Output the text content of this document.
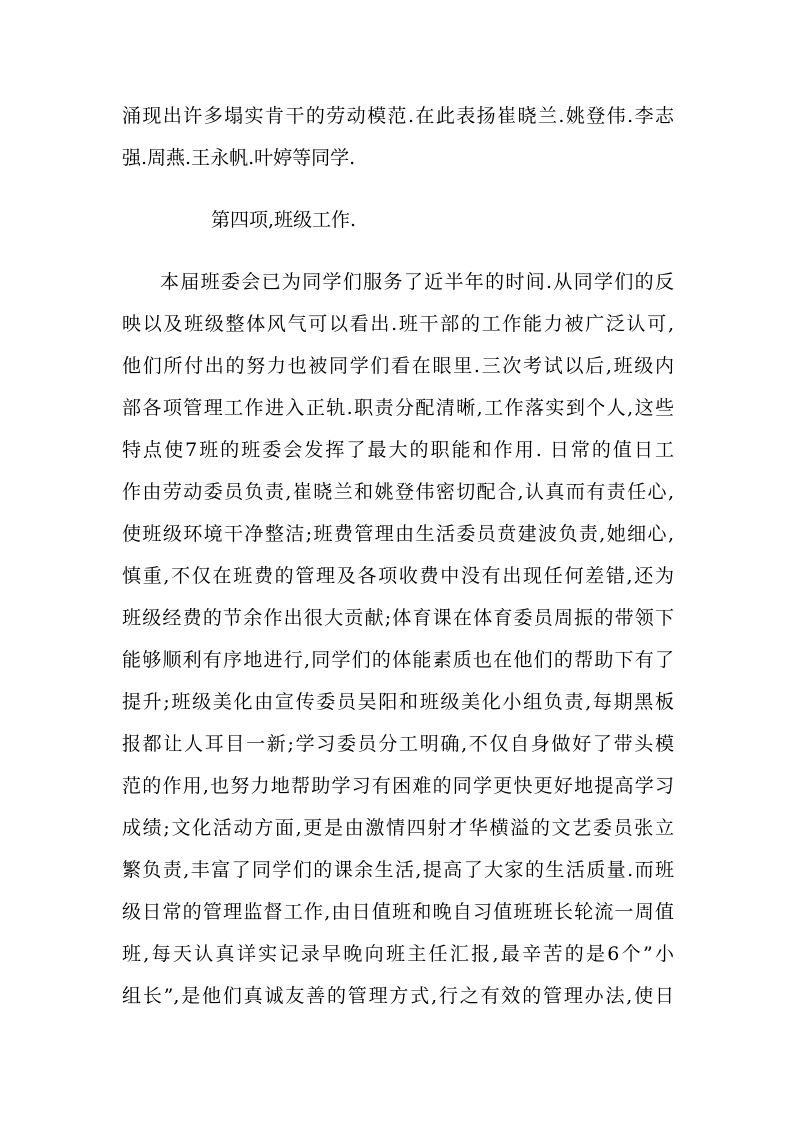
涌现出许多塌实肯干的劳动模范.在此表扬崔晓兰.姚登伟.李志
强.周燕.王永帆.叶婷等同学.
第四项,班级工作.
本届班委会已为同学们服务了近半年的时间.从同学们的反
映以及班级整体风气可以看出.班干部的工作能力被广泛认可,
他们所付出的努力也被同学们看在眼里.三次考试以后,班级内
部各项管理工作进入正轨.职责分配清晰,工作落实到个人,这些
特点使7班的班委会发挥了最大的职能和作用. 日常的值日工
作由劳动委员负责,崔晓兰和姚登伟密切配合,认真而有责任心,
使班级环境干净整洁;班费管理由生活委员贲建波负责,她细心,
慎重,不仅在班费的管理及各项收费中没有出现任何差错,还为
班级经费的节余作出很大贡献;体育课在体育委员周振的带领下
能够顺利有序地进行,同学们的体能素质也在他们的帮助下有了
提升;班级美化由宣传委员吴阳和班级美化小组负责,每期黑板
报都让人耳目一新;学习委员分工明确,不仅自身做好了带头模
范的作用,也努力地帮助学习有困难的同学更快更好地提高学习
成绩;文化活动方面,更是由激情四射才华横溢的文艺委员张立
繁负责,丰富了同学们的课余生活,提高了大家的生活质量.而班
级日常的管理监督工作,由日值班和晚自习值班班长轮流一周值
班,每天认真详实记录早晚向班主任汇报,最辛苦的是6个”小
组长”,是他们真诚友善的管理方式,行之有效的管理办法,使日
